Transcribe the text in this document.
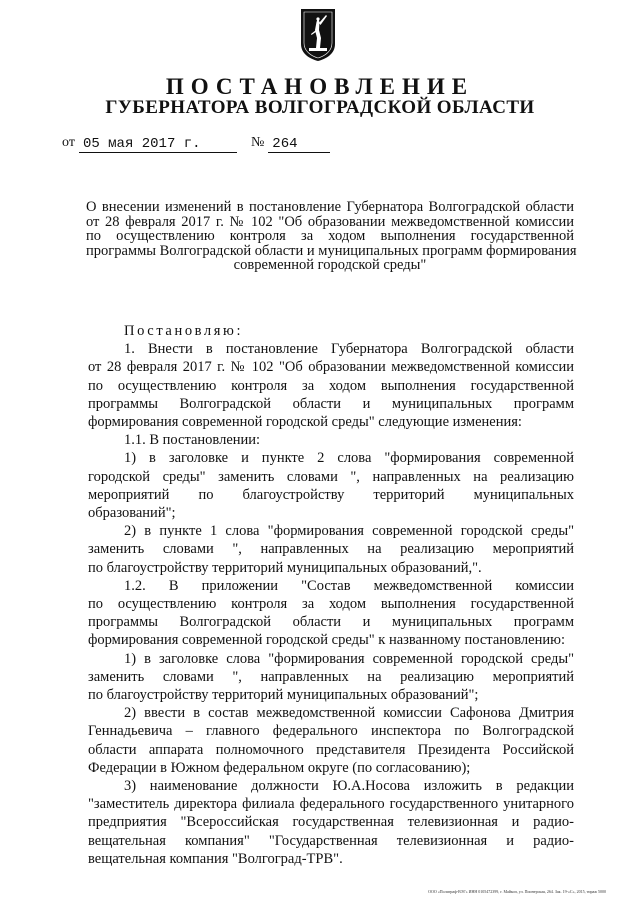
ПОСТАНОВЛЕНИЕ
ГУБЕРНАТОРА ВОЛГОГРАДСКОЙ ОБЛАСТИ
от 05 мая 2017 г.	№ 264
О внесении изменений в постановление Губернатора Волгоградской области
от 28 февраля 2017 г. № 102 "Об образовании межведомственной комиссии
по осуществлению контроля за ходом выполнения государственной
программы Волгоградской области и муниципальных программ формирования
современной городской среды"

Постановляю:

1. Внести в постановление Губернатора Волгоградской области
от 28 февраля 2017 г. № 102 "Об образовании межведомственной комиссии
по осуществлению контроля за ходом выполнения государственной
программы Волгоградской области и муниципальных программ
формирования современной городской среды" следующие изменения:

1.1. В постановлении:

1) в заголовке и пункте 2 слова "формирования современной
городской среды" заменить словами ", направленных на реализацию
мероприятий по благоустройству территорий муниципальных
образований";
2) в пункте 1 слова "формирования современной городской среды"
заменить словами ", направленных на реализацию мероприятий
по благоустройству территорий муниципальных образований,".
1.2. В приложении "Состав межведомственной комиссии
по осуществлению контроля за ходом выполнения государственной
программы Волгоградской области и муниципальных программ
формирования современной городской среды" к названному постановлению:
1) в заголовке слова "формирования современной городской среды"
заменить словами ", направленных на реализацию мероприятий
по благоустройству территорий муниципальных образований";
2) ввести в состав межведомственной комиссии Сафонова Дмитрия
Геннадьевича – главного федерального инспектора по Волгоградской
области аппарата полномочного представителя Президента Российской
Федерации в Южном федеральном округе (по согласованию);
3) наименование должности Ю.А.Носова изложить в редакции
"заместитель директора филиала федерального государственного унитарного
предприятия "Всероссийская государственная телевизионная и радио-
вещательная компания" "Государственная телевизионная и радио-
вещательная компания "Волгоград-ТРВ".
ООО «Полиграф-ВЭГ» ИНН 0105472399, г. Майкоп, ул. Пионерская, 264. Зак. 19-«С», 2015, тираж 5000
